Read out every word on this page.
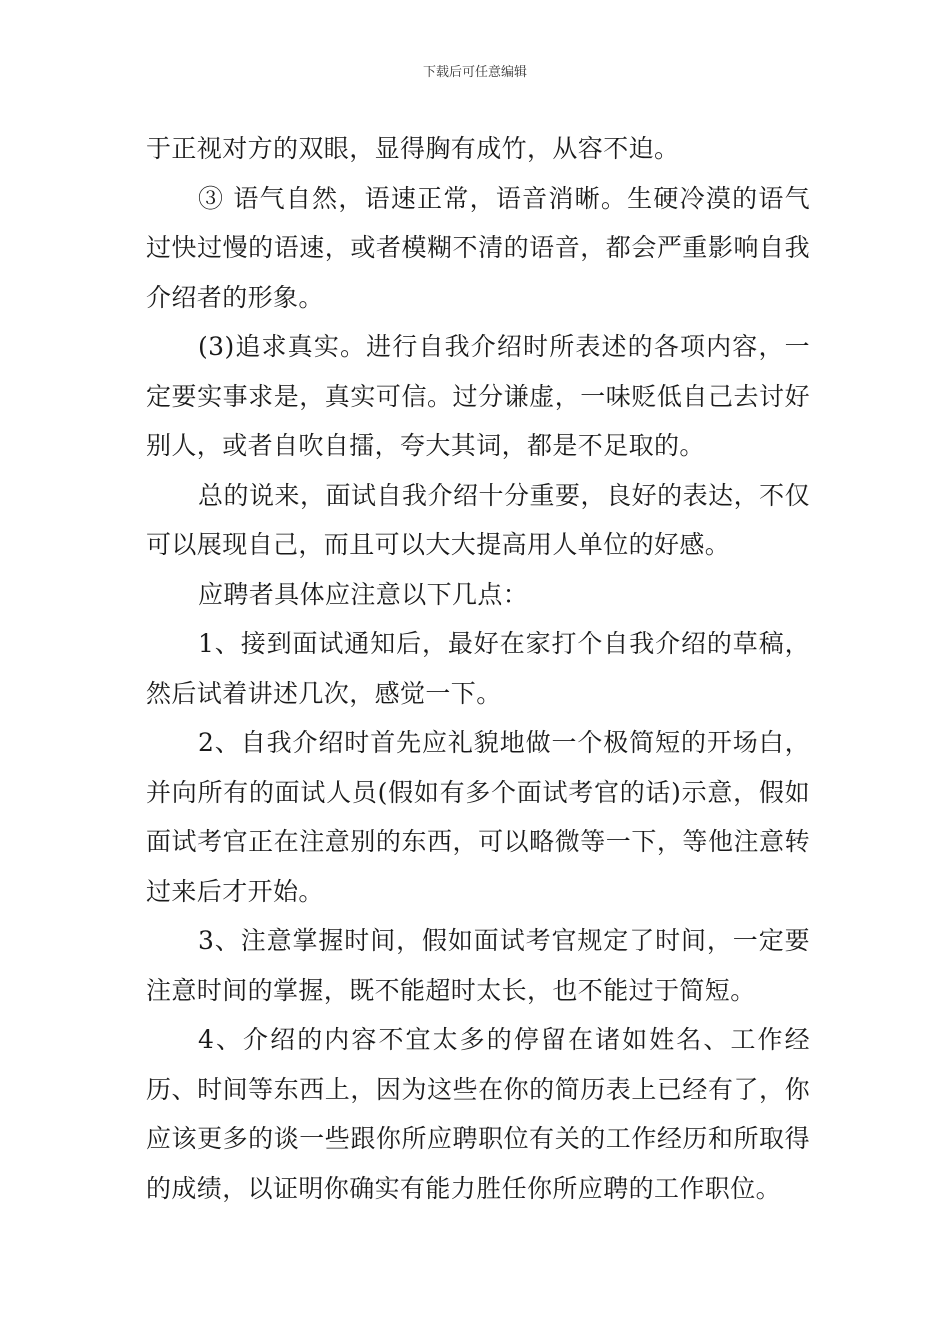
下载后可任意编辑

于正视对方的双眼，显得胸有成竹，从容不迫。

③ 语气自然，语速正常，语音消晰。生硬冷漠的语气过快过慢的语速，或者模糊不清的语音，都会严重影响自我介绍者的形象。

(3)追求真实。进行自我介绍时所表述的各项内容，一定要实事求是，真实可信。过分谦虚，一味贬低自己去讨好别人，或者自吹自擂，夸大其词，都是不足取的。

总的说来，面试自我介绍十分重要，良好的表达，不仅可以展现自己，而且可以大大提高用人单位的好感。

应聘者具体应注意以下几点：

1、接到面试通知后，最好在家打个自我介绍的草稿，然后试着讲述几次，感觉一下。

2、自我介绍时首先应礼貌地做一个极简短的开场白，并向所有的面试人员(假如有多个面试考官的话)示意，假如面试考官正在注意别的东西，可以略微等一下，等他注意转过来后才开始。

3、注意掌握时间，假如面试考官规定了时间，一定要注意时间的掌握，既不能超时太长，也不能过于简短。

4、介绍的内容不宜太多的停留在诸如姓名、工作经历、时间等东西上，因为这些在你的简历表上已经有了，你应该更多的谈一些跟你所应聘职位有关的工作经历和所取得的成绩，以证明你确实有能力胜任你所应聘的工作职位。
